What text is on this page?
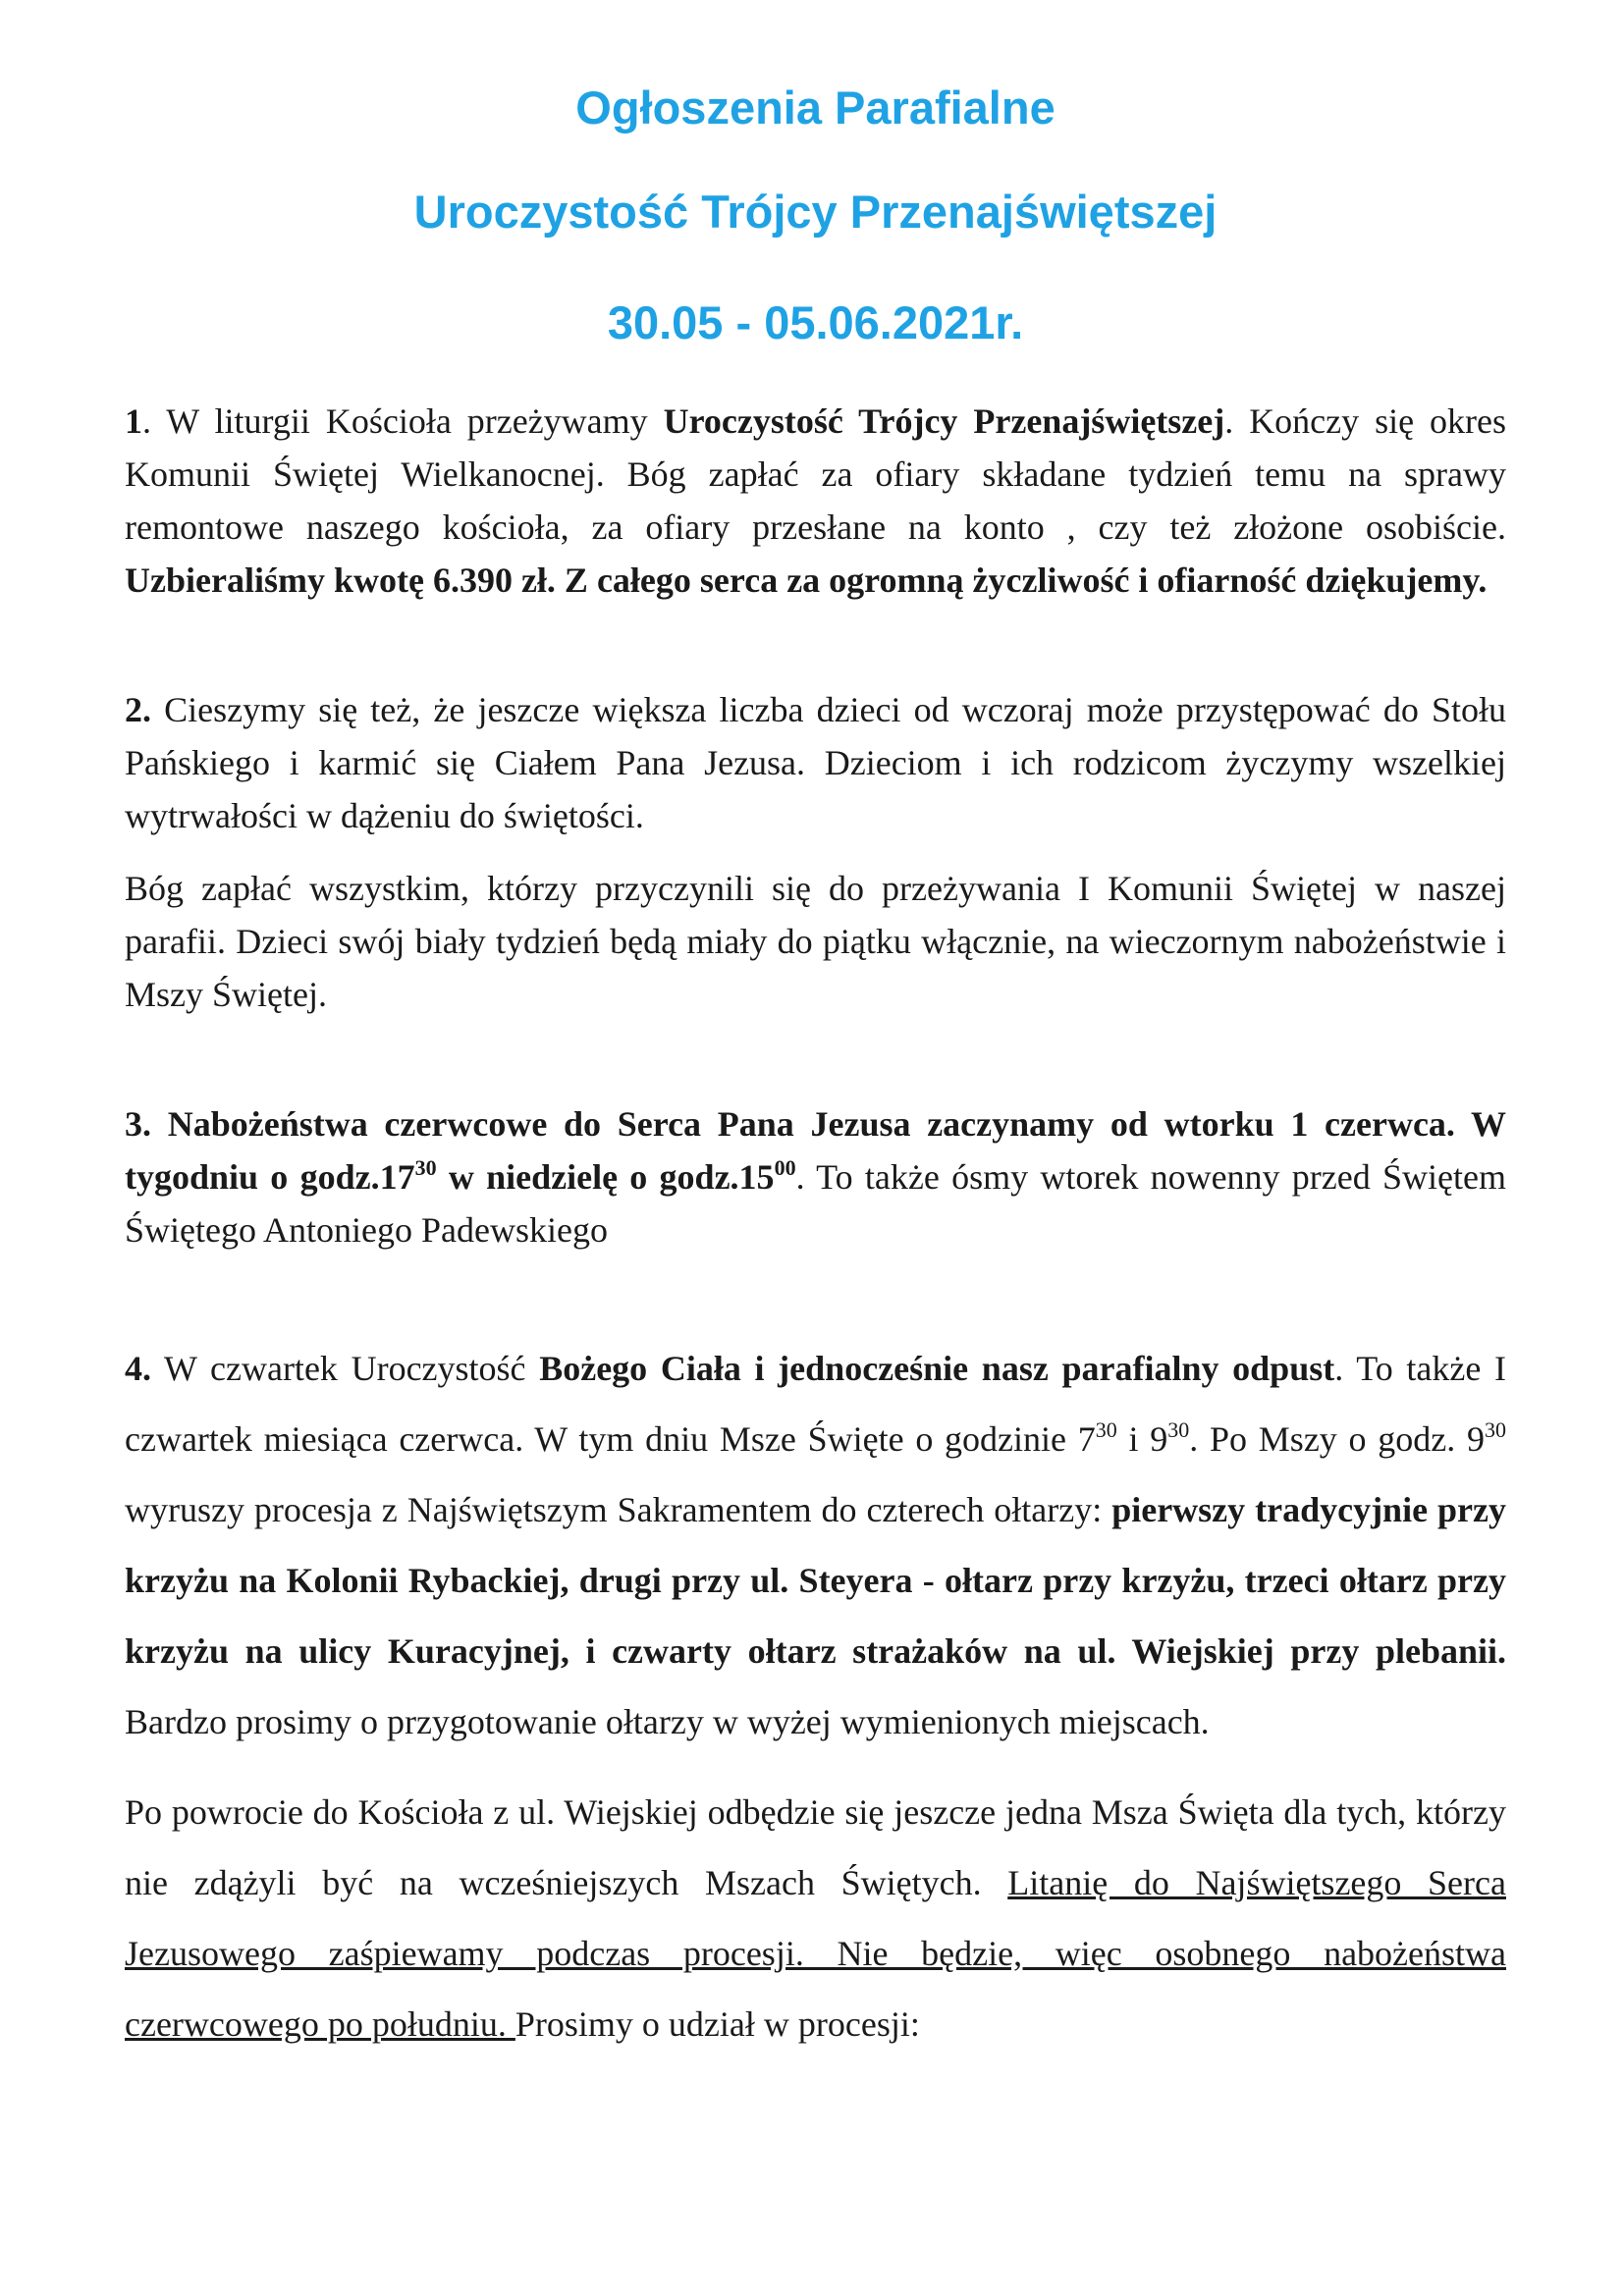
Ogłoszenia Parafialne
Uroczystość Trójcy Przenajświętszej
30.05 - 05.06.2021r.

1. W liturgii Kościoła przeżywamy Uroczystość Trójcy Przenajświętszej. Kończy się okres Komunii Świętej Wielkanocnej. Bóg zapłać za ofiary składane tydzień temu na sprawy remontowe naszego kościoła, za ofiary przesłane na konto , czy też złożone osobiście. Uzbieraliśmy kwotę 6.390 zł. Z całego serca za ogromną życzliwość i ofiarność dziękujemy.

2. Cieszymy się też, że jeszcze większa liczba dzieci od wczoraj może przystępować do Stołu Pańskiego i karmić się Ciałem Pana Jezusa. Dzieciom i ich rodzicom życzymy wszelkiej wytrwałości w dążeniu do świętości.

Bóg zapłać wszystkim, którzy przyczynili się do przeżywania I Komunii Świętej w naszej parafii. Dzieci swój biały tydzień będą miały do piątku włącznie, na wieczornym nabożeństwie i Mszy Świętej.

3. Nabożeństwa czerwcowe do Serca Pana Jezusa zaczynamy od wtorku 1 czerwca. W tygodniu o $godz.17^{30}$ w niedzielę o $godz.15^{00}$. To także ósmy wtorek nowenny przed Świętem Świętego Antoniego Padewskiego

4. W czwartek Uroczystość Bożego Ciała i jednocześnie nasz parafialny odpust. To także I czwartek miesiąca czerwca. W tym dniu Msze Święte o godzinie $7^{30}$ i $9^{30}$. Po Mszy o godz. $9^{30}$ wyruszy procesja z Najświętszym Sakramentem do czterech ołtarzy: pierwszy tradycyjnie przy krzyżu na Kolonii Rybackiej, drugi przy ul. Steyera - ołtarz przy krzyżu, trzeci ołtarz przy krzyżu na ulicy Kuracyjnej, i czwarty ołtarz strażaków na ul. Wiejskiej przy plebanii. Bardzo prosimy o przygotowanie ołtarzy w wyżej wymienionych miejscach.

Po powrocie do Kościoła z ul. Wiejskiej odbędzie się jeszcze jedna Msza Święta dla tych, którzy nie zdążyli być na wcześniejszych Mszach Świętych. Litanię do Najświętszego Serca Jezusowego zaśpiewamy podczas procesji. Nie będzie, więc osobnego nabożeństwa czerwcowego po południu. Prosimy o udział w procesji:
